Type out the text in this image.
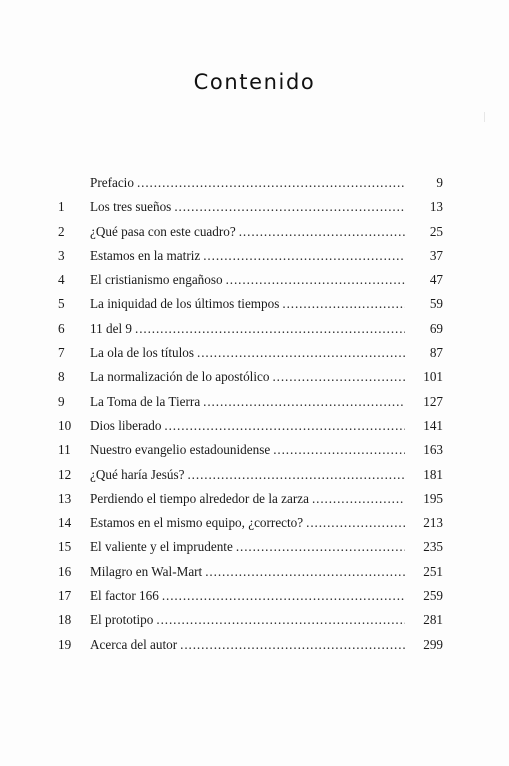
Contenido
Prefacio . . .	9
1	Los tres sueños . . .	13
2	¿Qué pasa con este cuadro? . . .	25
3	Estamos en la matriz . . .	37
4	El cristianismo engañoso . . .	47
5	La iniquidad de los últimos tiempos . . .	59
6	11 del 9 . . .	69
7	La ola de los títulos . . .	87
8	La normalización de lo apostólico . . .	101
9	La Toma de la Tierra . . .	127
10	Dios liberado . . .	141
11	Nuestro evangelio estadounidense . . .	163
12	¿Qué haría Jesús? . . .	181
13	Perdiendo el tiempo alrededor de la zarza . . .	195
14	Estamos en el mismo equipo, ¿correcto? . . .	213
15	El valiente y el imprudente . . .	235
16	Milagro en Wal-Mart . . .	251
17	El factor 166 . . .	259
18	El prototipo . . .	281
19	Acerca del autor . . .	299
